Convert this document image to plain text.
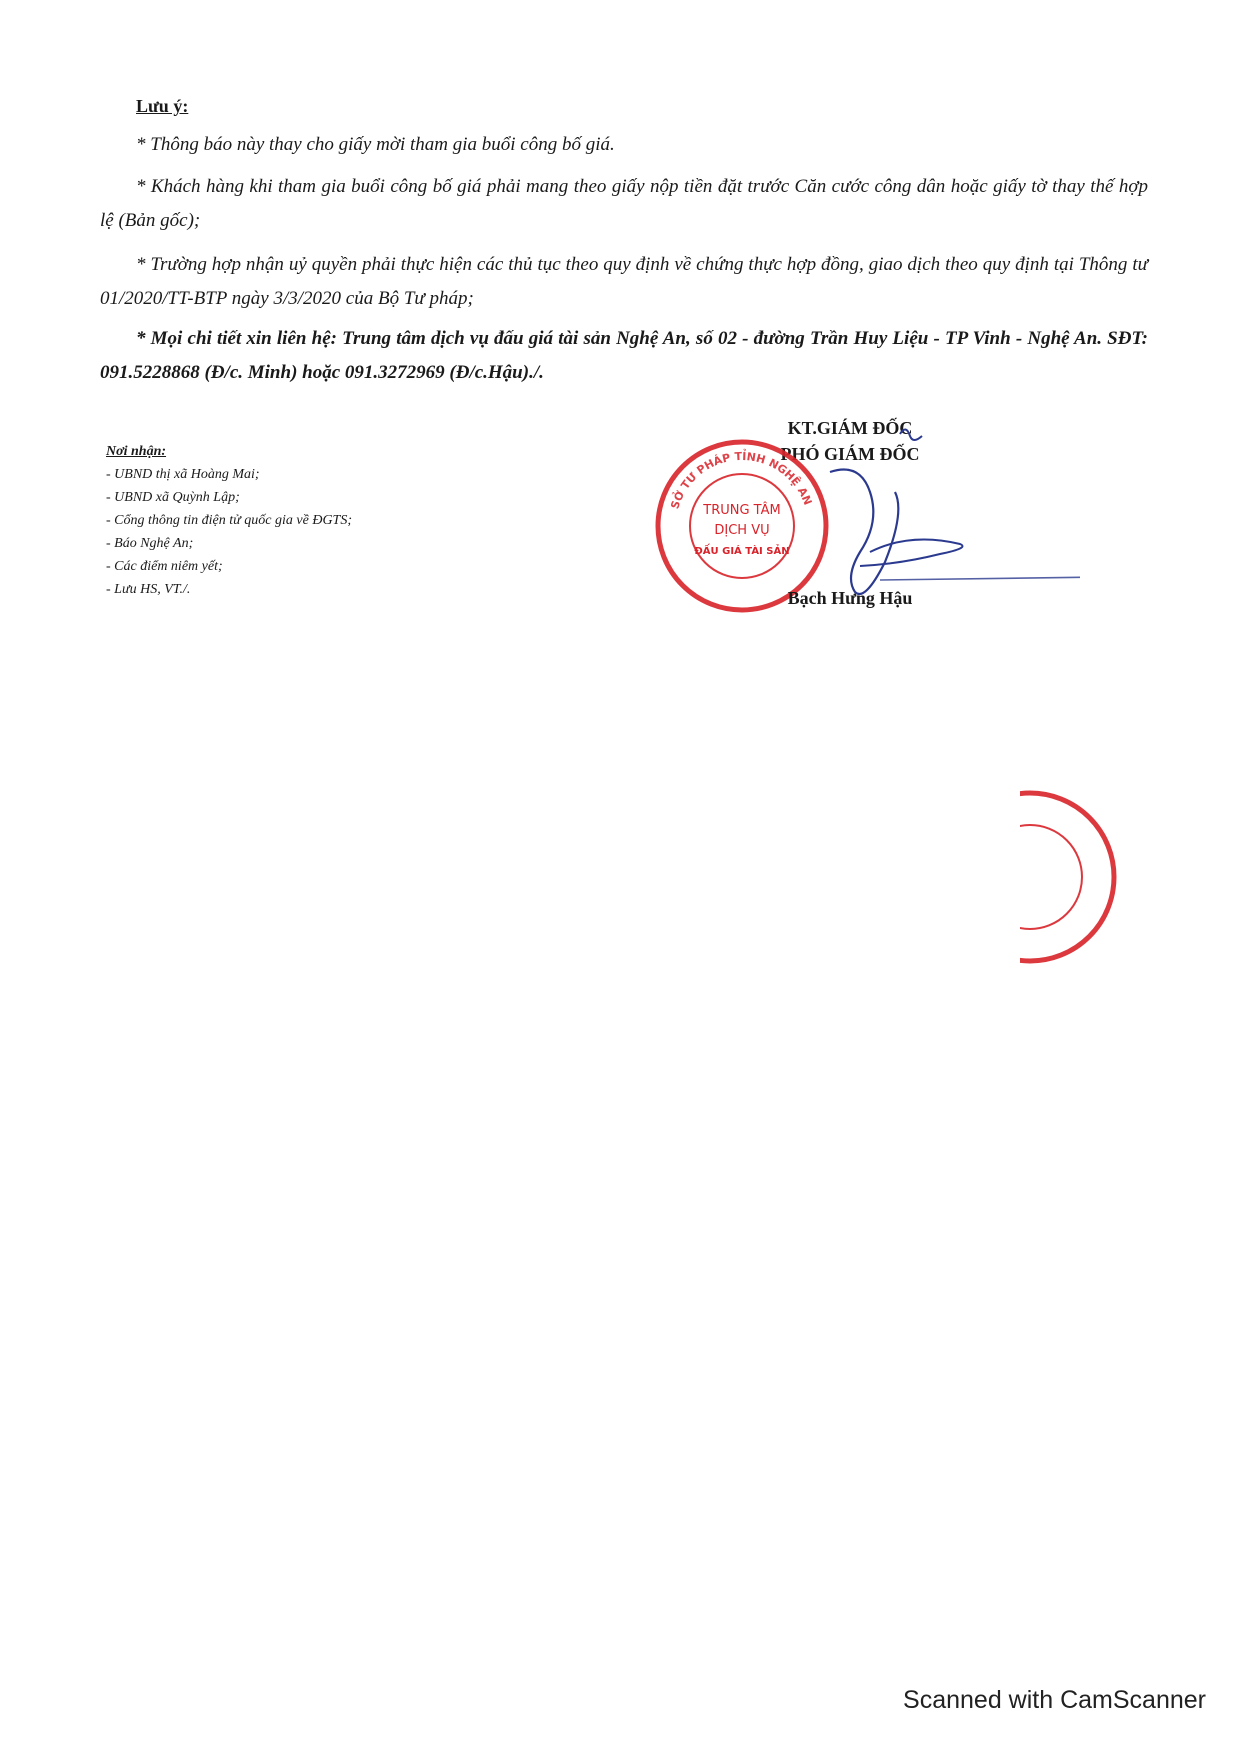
Lưu ý:
* Thông báo này thay cho giấy mời tham gia buổi công bố giá.
* Khách hàng khi tham gia buổi công bố giá phải mang theo giấy nộp tiền đặt trước Căn cước công dân hoặc giấy tờ thay thế hợp lệ (Bản gốc);
* Trường hợp nhận uỷ quyền phải thực hiện các thủ tục theo quy định về chứng thực hợp đồng, giao dịch theo quy định tại Thông tư 01/2020/TT-BTP ngày 3/3/2020 của Bộ Tư pháp;
* Mọi chi tiết xin liên hệ: Trung tâm dịch vụ đấu giá tài sản Nghệ An, số 02 - đường Trần Huy Liệu - TP Vinh - Nghệ An. SĐT: 091.5228868 (Đ/c. Minh) hoặc 091.3272969 (Đ/c.Hậu)./.
Nơi nhận:
- UBND thị xã Hoàng Mai;
- UBND xã Quỳnh Lập;
- Cổng thông tin điện tử quốc gia về ĐGTS;
- Báo Nghệ An;
- Các điểm niêm yết;
- Lưu HS, VT./.
KT.GIÁM ĐỐC
PHÓ GIÁM ĐỐC
SỞ TƯ PHÁP TỈNH NGHỆ AN
TRUNG TÂM
DỊCH VỤ
ĐẤU GIÁ TÀI SẢN
Bạch Hưng Hậu
Scanned with CamScanner
